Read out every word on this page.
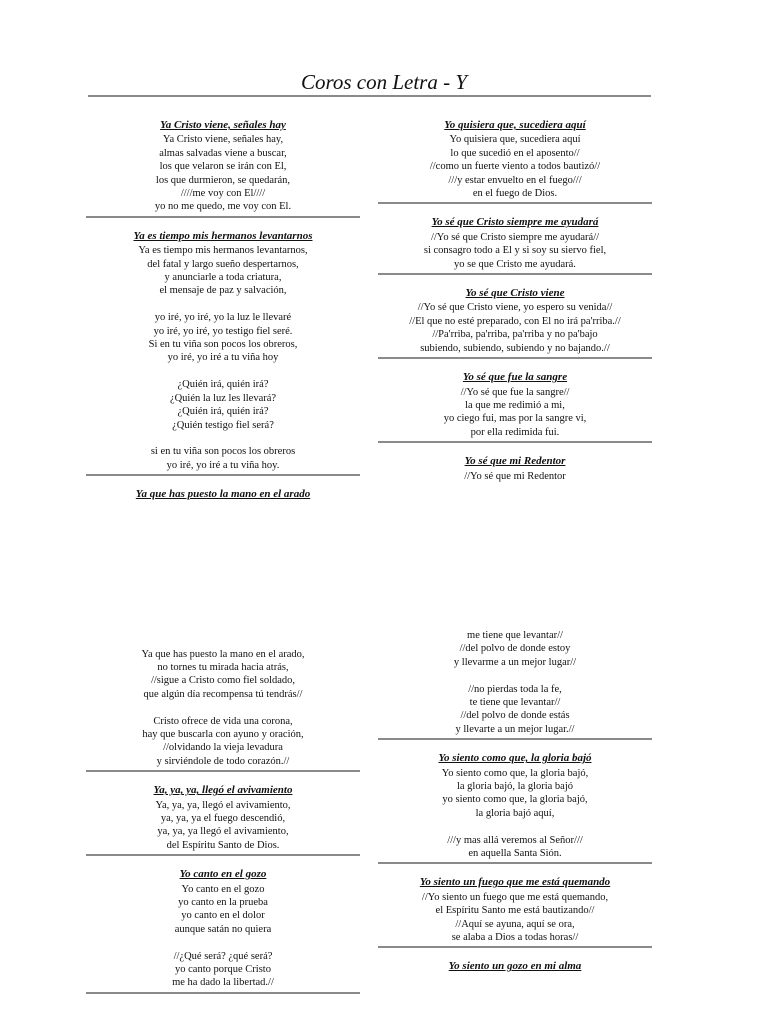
Coros con Letra - Y
Ya Cristo viene, señales hay
Ya Cristo viene, señales hay,
almas salvadas viene a buscar,
los que velaron se irán con El,
los que durmieron, se quedarán,
////me voy con El////
yo no me quedo, me voy con El.
Ya es tiempo mis hermanos levantarnos
Ya es tiempo mis hermanos levantarnos,
del fatal y largo sueño despertarnos,
y anunciarle a toda criatura,
el mensaje de paz y salvación,
yo iré, yo iré, yo la luz le llevaré
yo iré, yo iré, yo testigo fiel seré.
Si en tu viña son pocos los obreros,
yo iré, yo iré a tu viña hoy
¿Quién irá, quién irá?
¿Quién la luz les llevará?
¿Quién irá, quién irá?
¿Quién testigo fiel será?
si en tu viña son pocos los obreros
yo iré, yo iré a tu viña hoy.
Ya que has puesto la mano en el arado
Ya que has puesto la mano en el arado,
no tornes tu mirada hacia atrás,
//sigue a Cristo como fiel soldado,
que algún día recompensa tú tendrás//
Cristo ofrece de vida una corona,
hay que buscarla con ayuno y oración,
//olvidando la vieja levadura
y sirviéndole de todo corazón.//
Ya, ya, ya, llegó el avivamiento
Ya, ya, ya, llegó el avivamiento,
ya, ya, ya el fuego descendió,
ya, ya, ya llegó el avivamiento,
del Espíritu Santo de Dios.
Yo canto en el gozo
Yo canto en el gozo
yo canto en la prueba
yo canto en el dolor
aunque satán no quiera
//¿Qué será? ¿qué será?
yo canto porque Cristo
me ha dado la libertad.//
Yo quisiera que, sucediera aquí
Yo quisiera que, sucediera aquí
lo que sucedió en el aposento//
//como un fuerte viento a todos bautizó//
///y estar envuelto en el fuego///
en el fuego de Dios.
Yo sé que Cristo siempre me ayudará
//Yo sé que Cristo siempre me ayudará//
si consagro todo a El y si soy su siervo fiel,
yo se que Cristo me ayudará.
Yo sé que Cristo viene
//Yo sé que Cristo viene, yo espero su venida//
//El que no esté preparado, con El no irá pa'rriba.//
//Pa'rriba, pa'rriba, pa'rriba y no pa'bajo
subiendo, subiendo, subiendo y no bajando.//
Yo sé que fue la sangre
//Yo sé que fue la sangre//
la que me redimió a mi,
yo ciego fui, mas por la sangre vi,
por ella redimida fui.
Yo sé que mi Redentor
//Yo sé que mi Redentor
me tiene que levantar//
//del polvo de donde estoy
y llevarme a un mejor lugar//
//no pierdas toda la fe,
te tiene que levantar//
//del polvo de donde estás
y llevarte a un mejor lugar.//
Yo siento como que, la gloria bajó
Yo siento como que, la gloria bajó,
la gloria bajó, la gloria bajó
yo siento como que, la gloria bajó,
la gloria bajó aquí,
///y mas allá veremos al Señor///
en aquella Santa Sión.
Yo siento un fuego que me está quemando
//Yo siento un fuego que me está quemando,
el Espíritu Santo me está bautizando//
//Aquí se ayuna, aquí se ora,
se alaba a Dios a todas horas//
Yo siento un gozo en mi alma
